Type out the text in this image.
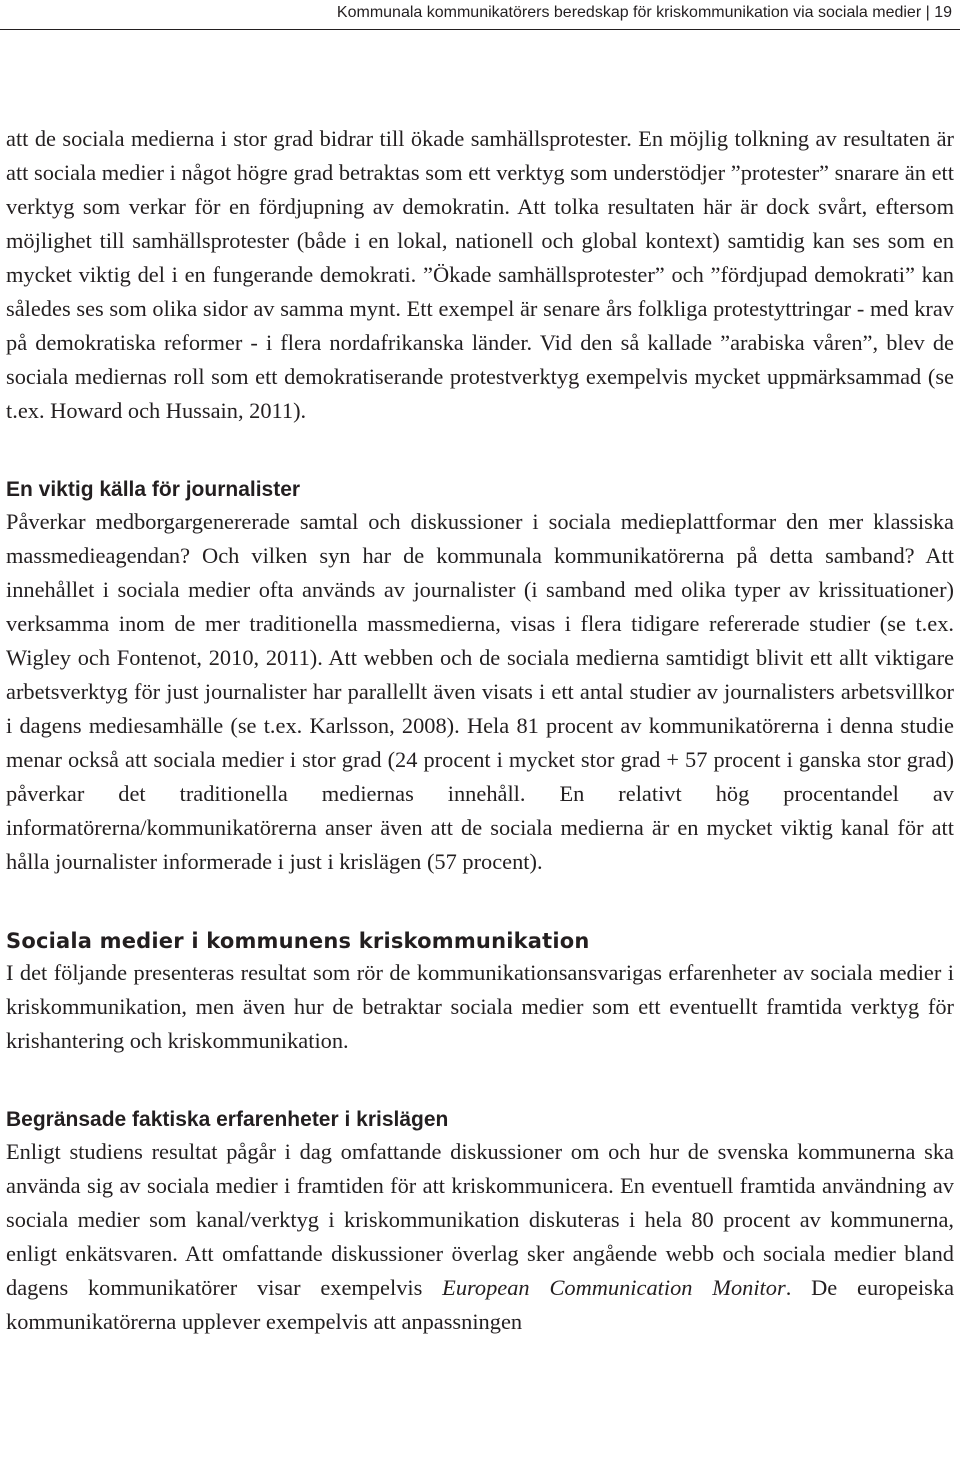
Kommunala kommunikatörers beredskap för kriskommunikation via sociala medier | 19

att de sociala medierna i stor grad bidrar till ökade samhällsprotester. En möjlig tolkning av resultaten är att sociala medier i något högre grad betraktas som ett verktyg som understödjer ”protester” snarare än ett verktyg som verkar för en fördjupning av demokratin. Att tolka resultaten här är dock svårt, eftersom möjlighet till samhällsprotester (både i en lokal, nationell och global kontext) samtidig kan ses som en mycket viktig del i en fungerande demokrati. ”Ökade samhällsprotester” och ”fördjupad demokrati” kan således ses som olika sidor av samma mynt. Ett exempel är senare års folkliga protestyttringar - med krav på demokratiska reformer - i flera nordafrikanska länder. Vid den så kallade ”arabiska våren”, blev de sociala mediernas roll som ett demokratiserande protestverktyg exempelvis mycket uppmärksammad (se t.ex. Howard och Hussain, 2011).

En viktig källa för journalister

Påverkar medborgargenererade samtal och diskussioner i sociala medieplattformar den mer klassiska massmedieagendan? Och vilken syn har de kommunala kommunikatörerna på detta samband? Att innehållet i sociala medier ofta används av journalister (i samband med olika typer av krissituationer) verksamma inom de mer traditionella massmedierna, visas i flera tidigare refererade studier (se t.ex. Wigley och Fontenot, 2010, 2011). Att webben och de sociala medierna samtidigt blivit ett allt viktigare arbetsverktyg för just journalister har parallellt även visats i ett antal studier av journalisters arbetsvillkor i dagens mediesamhälle (se t.ex. Karlsson, 2008). Hela 81 procent av kommunikatörerna i denna studie menar också att sociala medier i stor grad (24 procent i mycket stor grad + 57 procent i ganska stor grad) påverkar det traditionella mediernas innehåll. En relativt hög procentandel av informatörerna/kommunikatörerna anser även att de sociala medierna är en mycket viktig kanal för att hålla journalister informerade i just i krislägen (57 procent).

Sociala medier i kommunens kriskommunikation

I det följande presenteras resultat som rör de kommunikationsansvarigas erfarenheter av sociala medier i kriskommunikation, men även hur de betraktar sociala medier som ett eventuellt framtida verktyg för krishantering och kriskommunikation.

Begränsade faktiska erfarenheter i krislägen

Enligt studiens resultat pågår i dag omfattande diskussioner om och hur de svenska kommunerna ska använda sig av sociala medier i framtiden för att kriskommunicera. En eventuell framtida användning av sociala medier som kanal/verktyg i kriskommunikation diskuteras i hela 80 procent av kommunerna, enligt enkätsvaren. Att omfattande diskussioner överlag sker angående webb och sociala medier bland dagens kommunikatörer visar exempelvis European Communication Monitor. De europeiska kommunikatörerna upplever exempelvis att anpassningen
